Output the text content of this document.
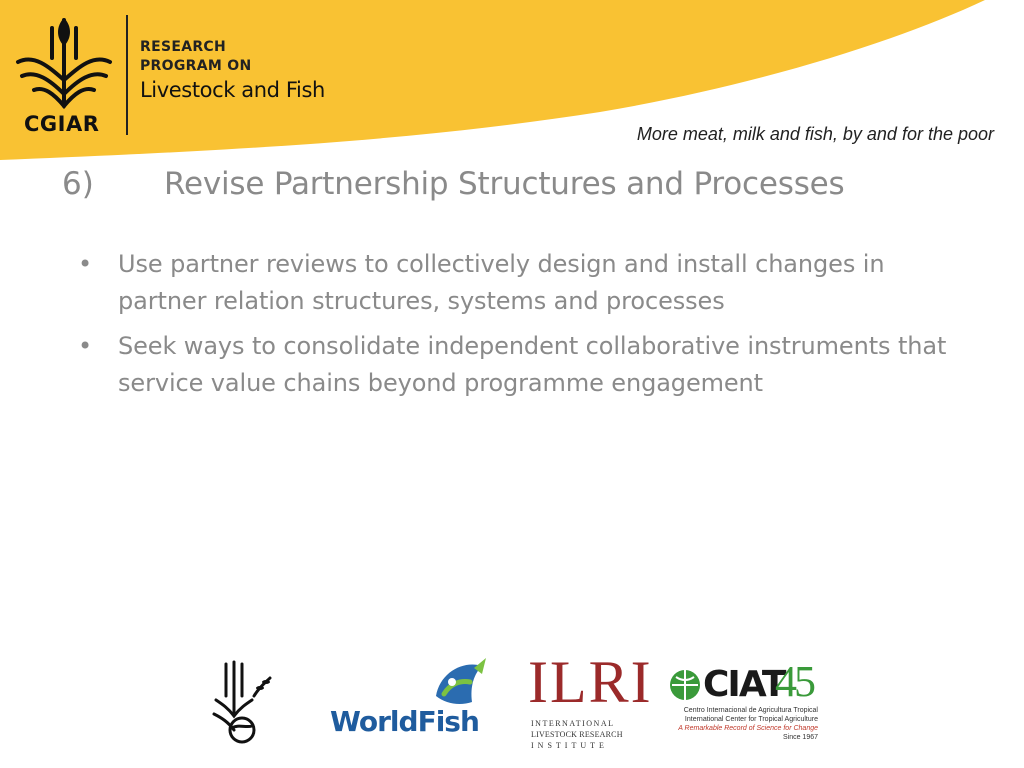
CGIAR
RESEARCH
PROGRAM ON
Livestock and Fish
More meat, milk and fish, by and for the poor
6) Revise Partnership Structures and Processes
• Use partner reviews to collectively design and install changes in partner relation structures, systems and processes
• Seek ways to consolidate independent collaborative instruments that service value chains beyond programme engagement
WorldFish
ILRI
INTERNATIONAL
LIVESTOCK RESEARCH
INSTITUTE
CIAT
45
Centro Internacional de Agricultura Tropical
International Center for Tropical Agriculture
A Remarkable Record of Science for Change
Since 1967
